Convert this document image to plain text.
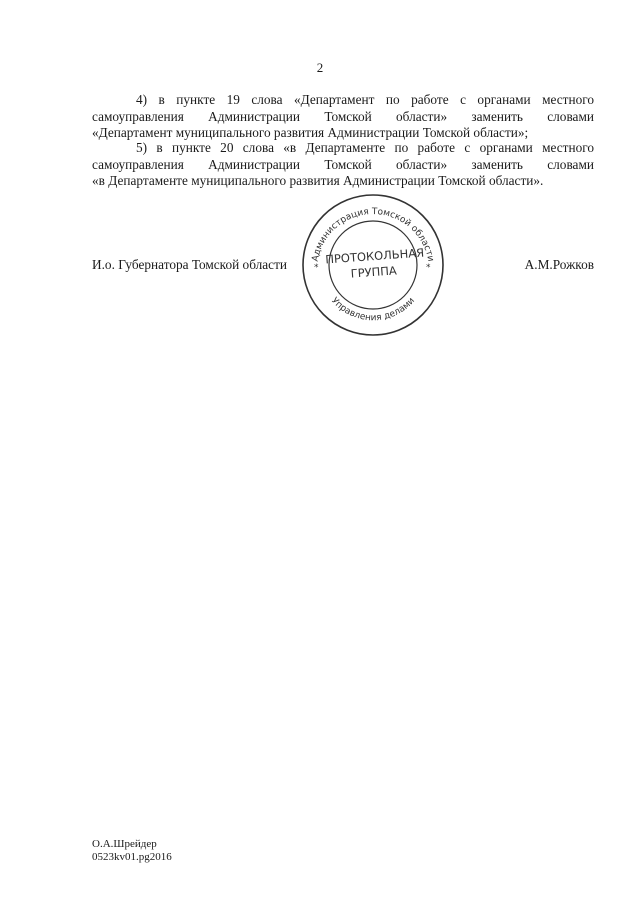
2
4) в пункте 19 слова «Департамент по работе с органами местного
самоуправления Администрации Томской области» заменить словами
«Департамент муниципального развития Администрации Томской области»;
5) в пункте 20 слова «в Департаменте по работе с органами местного
самоуправления Администрации Томской области» заменить словами
«в Департаменте муниципального развития Администрации Томской области».
И.о. Губернатора Томской области	Администрация Томской области
Управления делами
*	*
ПРОТОКОЛЬНАЯ
ГРУППА	А.М.Рожков
О.А.Шрейдер
0523kv01.pg2016
